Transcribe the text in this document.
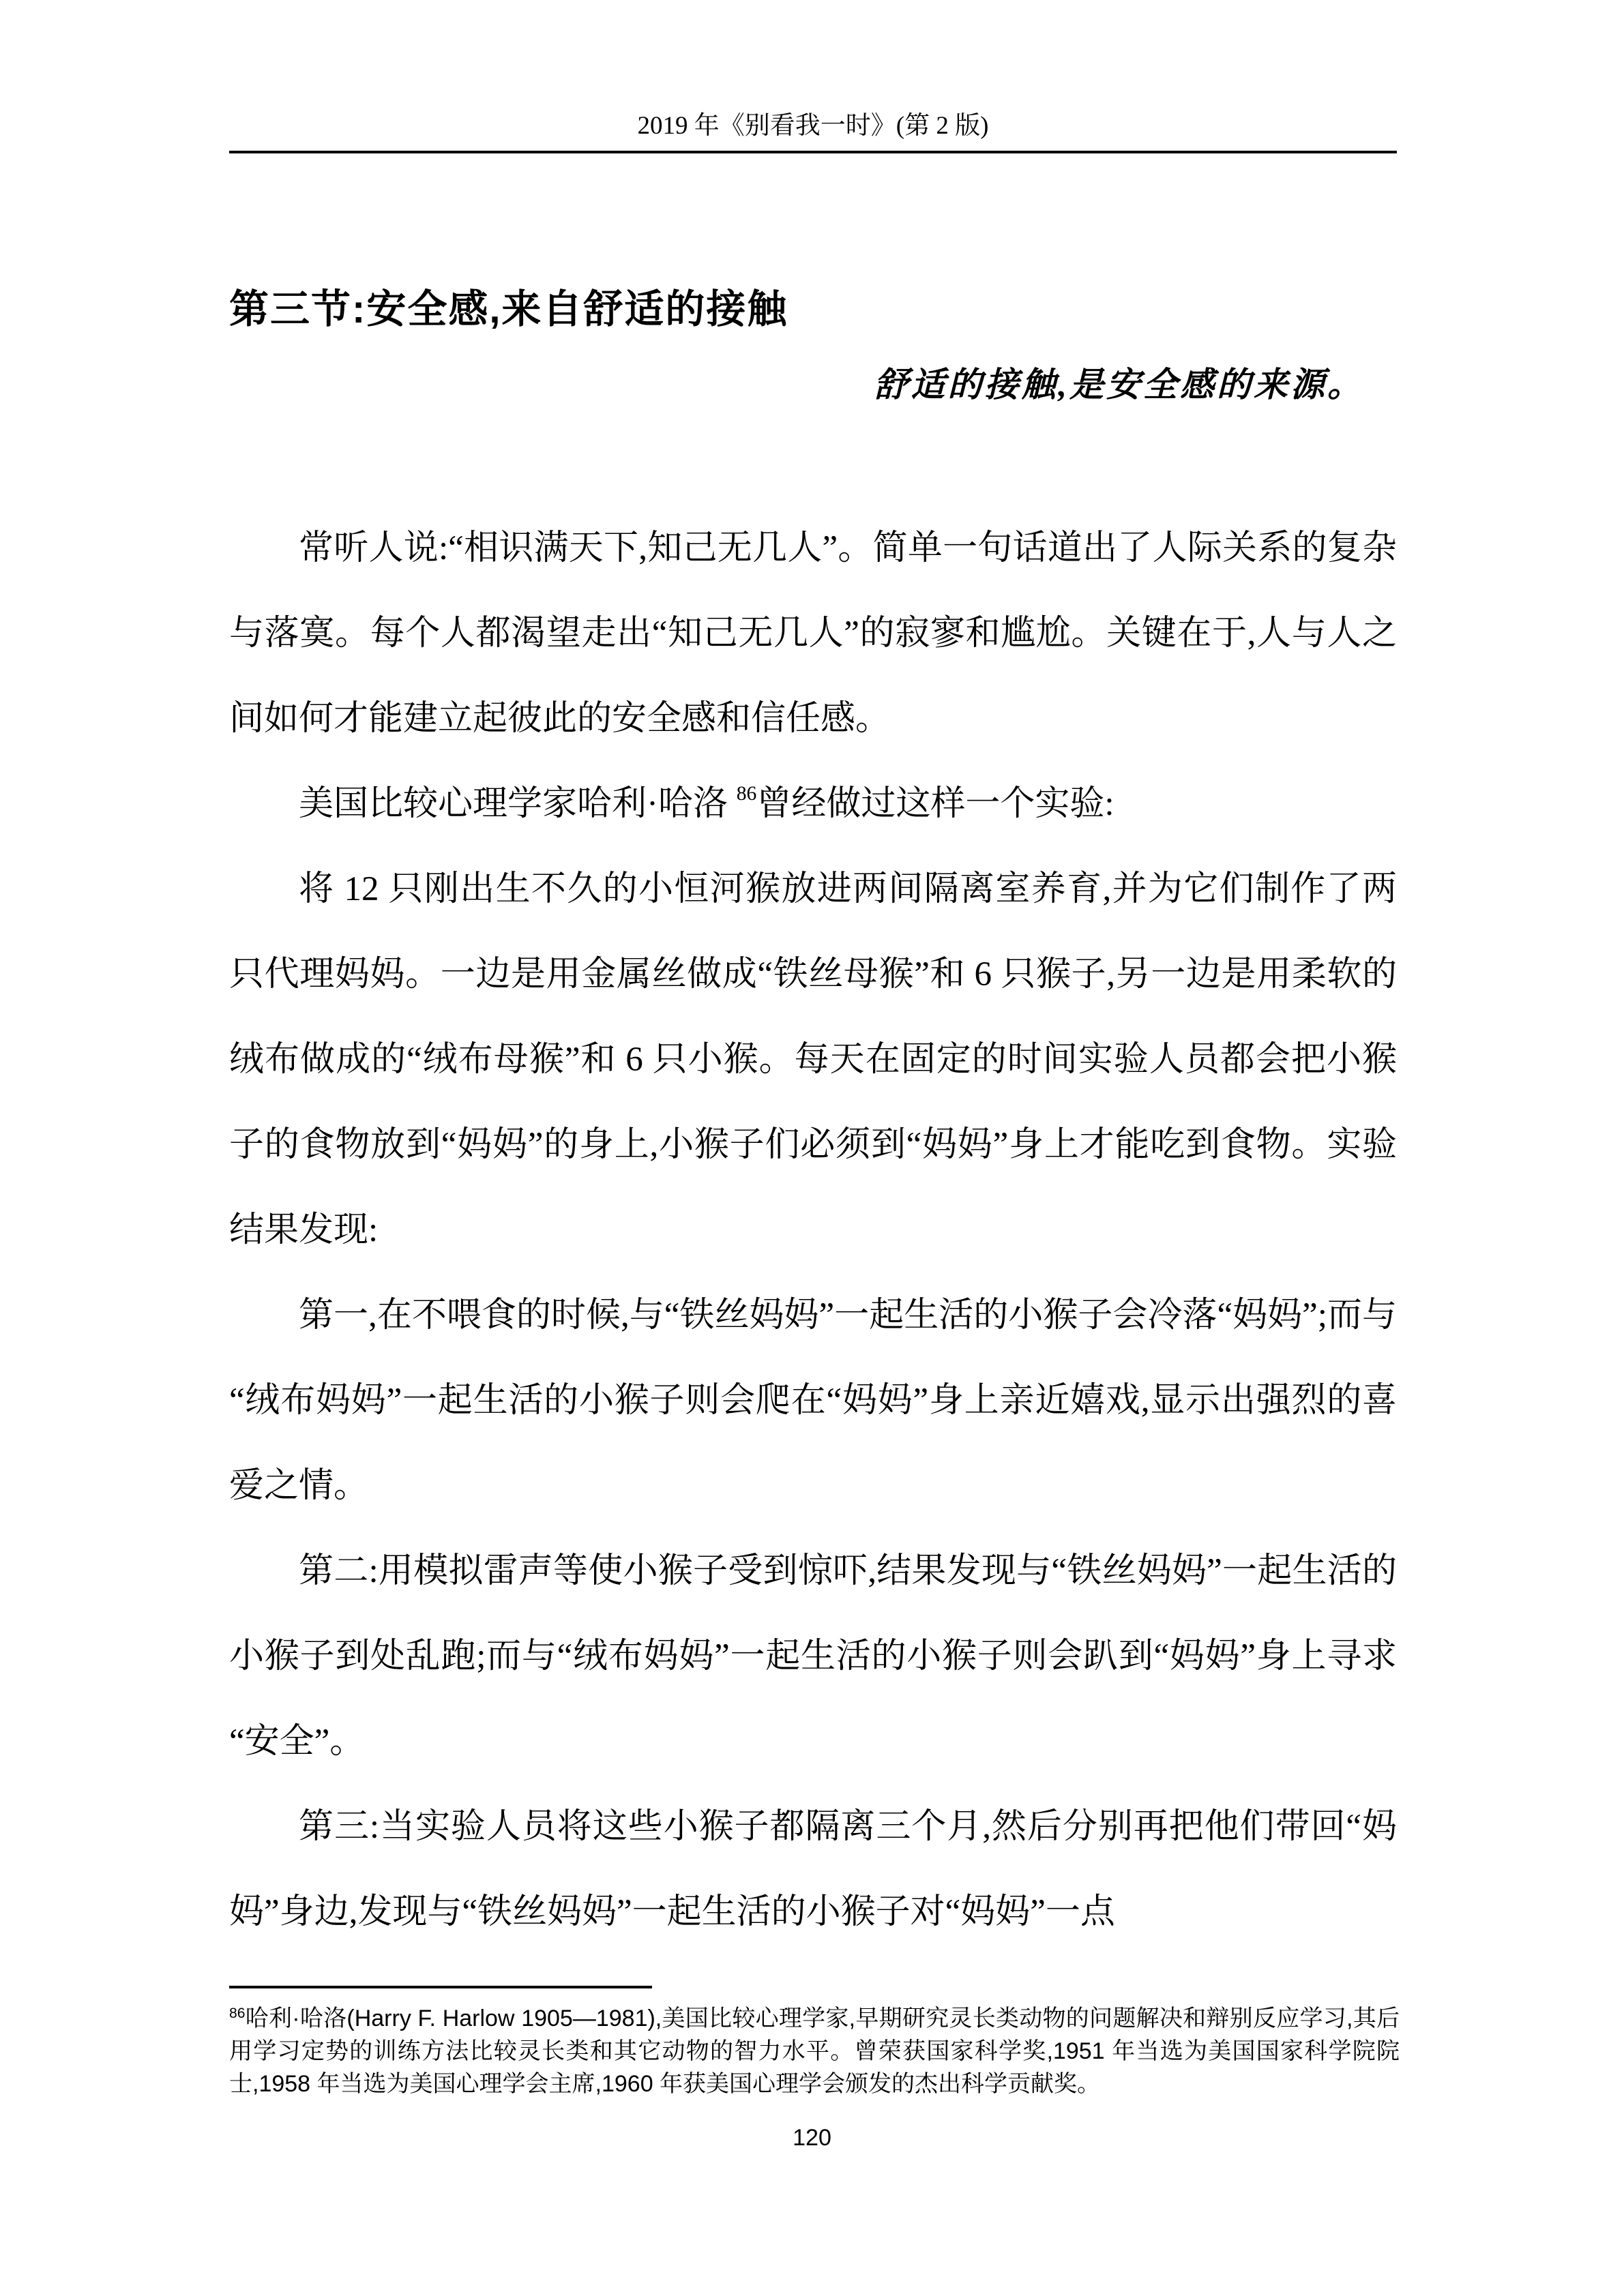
2019 年《别看我一时》(第 2 版)
第三节:安全感,来自舒适的接触
舒适的接触,是安全感的来源。

常听人说:“相识满天下,知己无几人”。简单一句话道出了人际关系的复杂与落寞。每个人都渴望走出“知己无几人”的寂寥和尴尬。关键在于,人与人之间如何才能建立起彼此的安全感和信任感。

美国比较心理学家哈利·哈洛 $^{86}$曾经做过这样一个实验:

将 12 只刚出生不久的小恒河猴放进两间隔离室养育,并为它们制作了两只代理妈妈。一边是用金属丝做成“铁丝母猴”和 6 只猴子,另一边是用柔软的绒布做成的“绒布母猴”和 6 只小猴。每天在固定的时间实验人员都会把小猴子的食物放到“妈妈”的身上,小猴子们必须到“妈妈”身上才能吃到食物。实验结果发现:

第一,在不喂食的时候,与“铁丝妈妈”一起生活的小猴子会冷落“妈妈”;而与“绒布妈妈”一起生活的小猴子则会爬在“妈妈”身上亲近嬉戏,显示出强烈的喜爱之情。

第二:用模拟雷声等使小猴子受到惊吓,结果发现与“铁丝妈妈”一起生活的小猴子到处乱跑;而与“绒布妈妈”一起生活的小猴子则会趴到“妈妈”身上寻求“安全”。

第三:当实验人员将这些小猴子都隔离三个月,然后分别再把他们带回“妈妈”身边,发现与“铁丝妈妈”一起生活的小猴子对“妈妈”一点

$^{86}$哈利·哈洛(Harry F. Harlow 1905—1981),美国比较心理学家,早期研究灵长类动物的问题解决和辩别反应学习,其后用学习定势的训练方法比较灵长类和其它动物的智力水平。曾荣获国家科学奖,1951 年当选为美国国家科学院院士,1958 年当选为美国心理学会主席,1960 年获美国心理学会颁发的杰出科学贡献奖。
120
